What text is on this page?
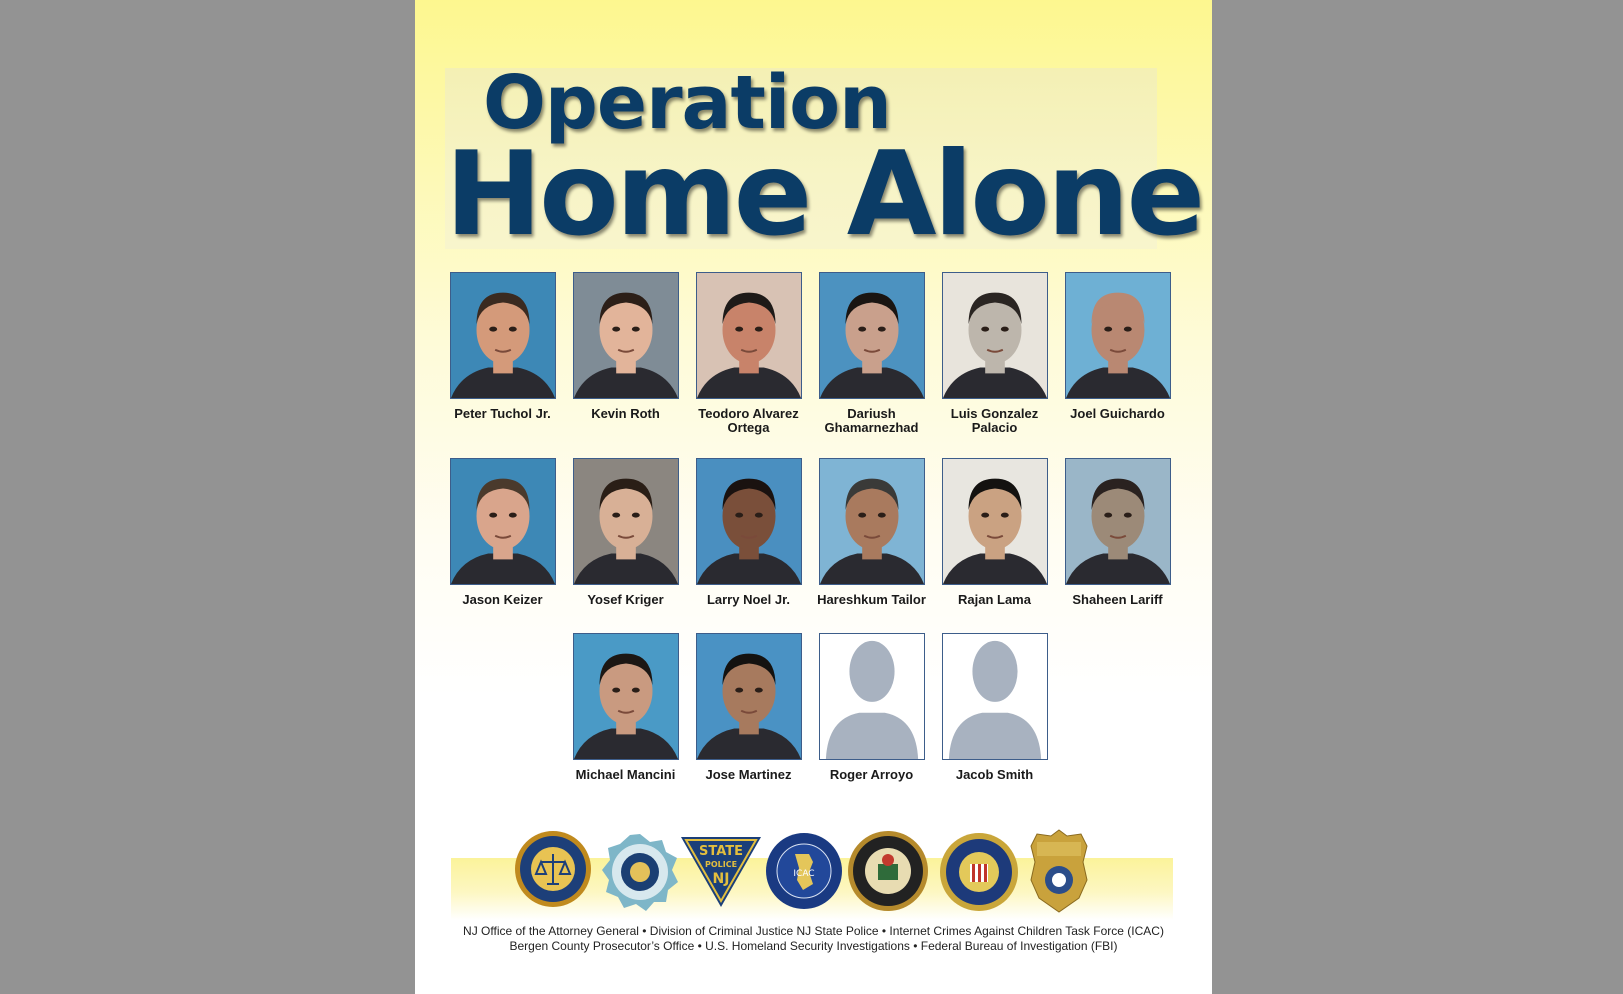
Operation
Home Alone
Peter Tuchol Jr.	Kevin Roth	Teodoro Alvarez Ortega
Dariush Ghamarnezhad
Luis Gonzalez Palacio
Joel Guichardo
Jason Keizer	Yosef Kriger	Larry Noel Jr.	Hareshkum Tailor	Rajan Lama	Shaheen Lariff
Michael Mancini	Jose Martinez	Roger Arroyo	Jacob Smith
STATE
POLICE
NJ	ICAC
NJ Office of the Attorney General • Division of Criminal Justice NJ State Police • Internet Crimes Against Children Task Force (ICAC)
Bergen County Prosecutor’s Office • U.S. Homeland Security Investigations • Federal Bureau of Investigation (FBI)
